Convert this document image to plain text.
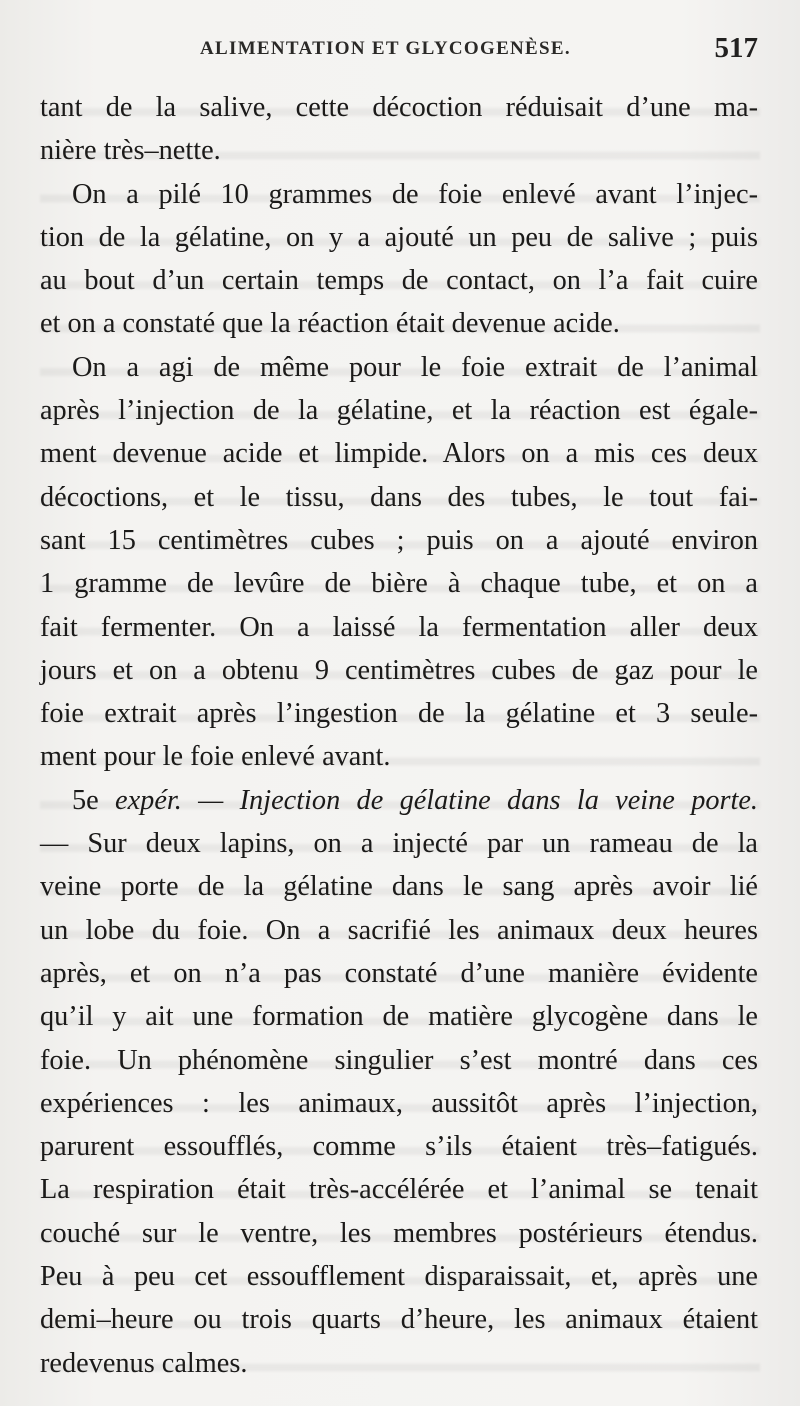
ALIMENTATION ET GLYCOGENÈSE.	517
tant de la salive, cette décoction réduisait d’une ma-
nière très–nette.
On a pilé 10 grammes de foie enlevé avant l’injec-
tion de la gélatine, on y a ajouté un peu de salive ; puis
au bout d’un certain temps de contact, on l’a fait cuire
et on a constaté que la réaction était devenue acide.
On a agi de même pour le foie extrait de l’animal
après l’injection de la gélatine, et la réaction est égale-
ment devenue acide et limpide. Alors on a mis ces deux
décoctions, et le tissu, dans des tubes, le tout fai-
sant 15 centimètres cubes ; puis on a ajouté environ
1 gramme de levûre de bière à chaque tube, et on a
fait fermenter. On a laissé la fermentation aller deux
jours et on a obtenu 9 centimètres cubes de gaz pour le
foie extrait après l’ingestion de la gélatine et 3 seule-
ment pour le foie enlevé avant.
5e expér. — Injection de gélatine dans la veine porte.
— Sur deux lapins, on a injecté par un rameau de la
veine porte de la gélatine dans le sang après avoir lié
un lobe du foie. On a sacrifié les animaux deux heures
après, et on n’a pas constaté d’une manière évidente
qu’il y ait une formation de matière glycogène dans le
foie. Un phénomène singulier s’est montré dans ces
expériences : les animaux, aussitôt après l’injection,
parurent essoufflés, comme s’ils étaient très–fatigués.
La respiration était très-accélérée et l’animal se tenait
couché sur le ventre, les membres postérieurs étendus.
Peu à peu cet essoufflement disparaissait, et, après une
demi–heure ou trois quarts d’heure, les animaux étaient
redevenus calmes.
